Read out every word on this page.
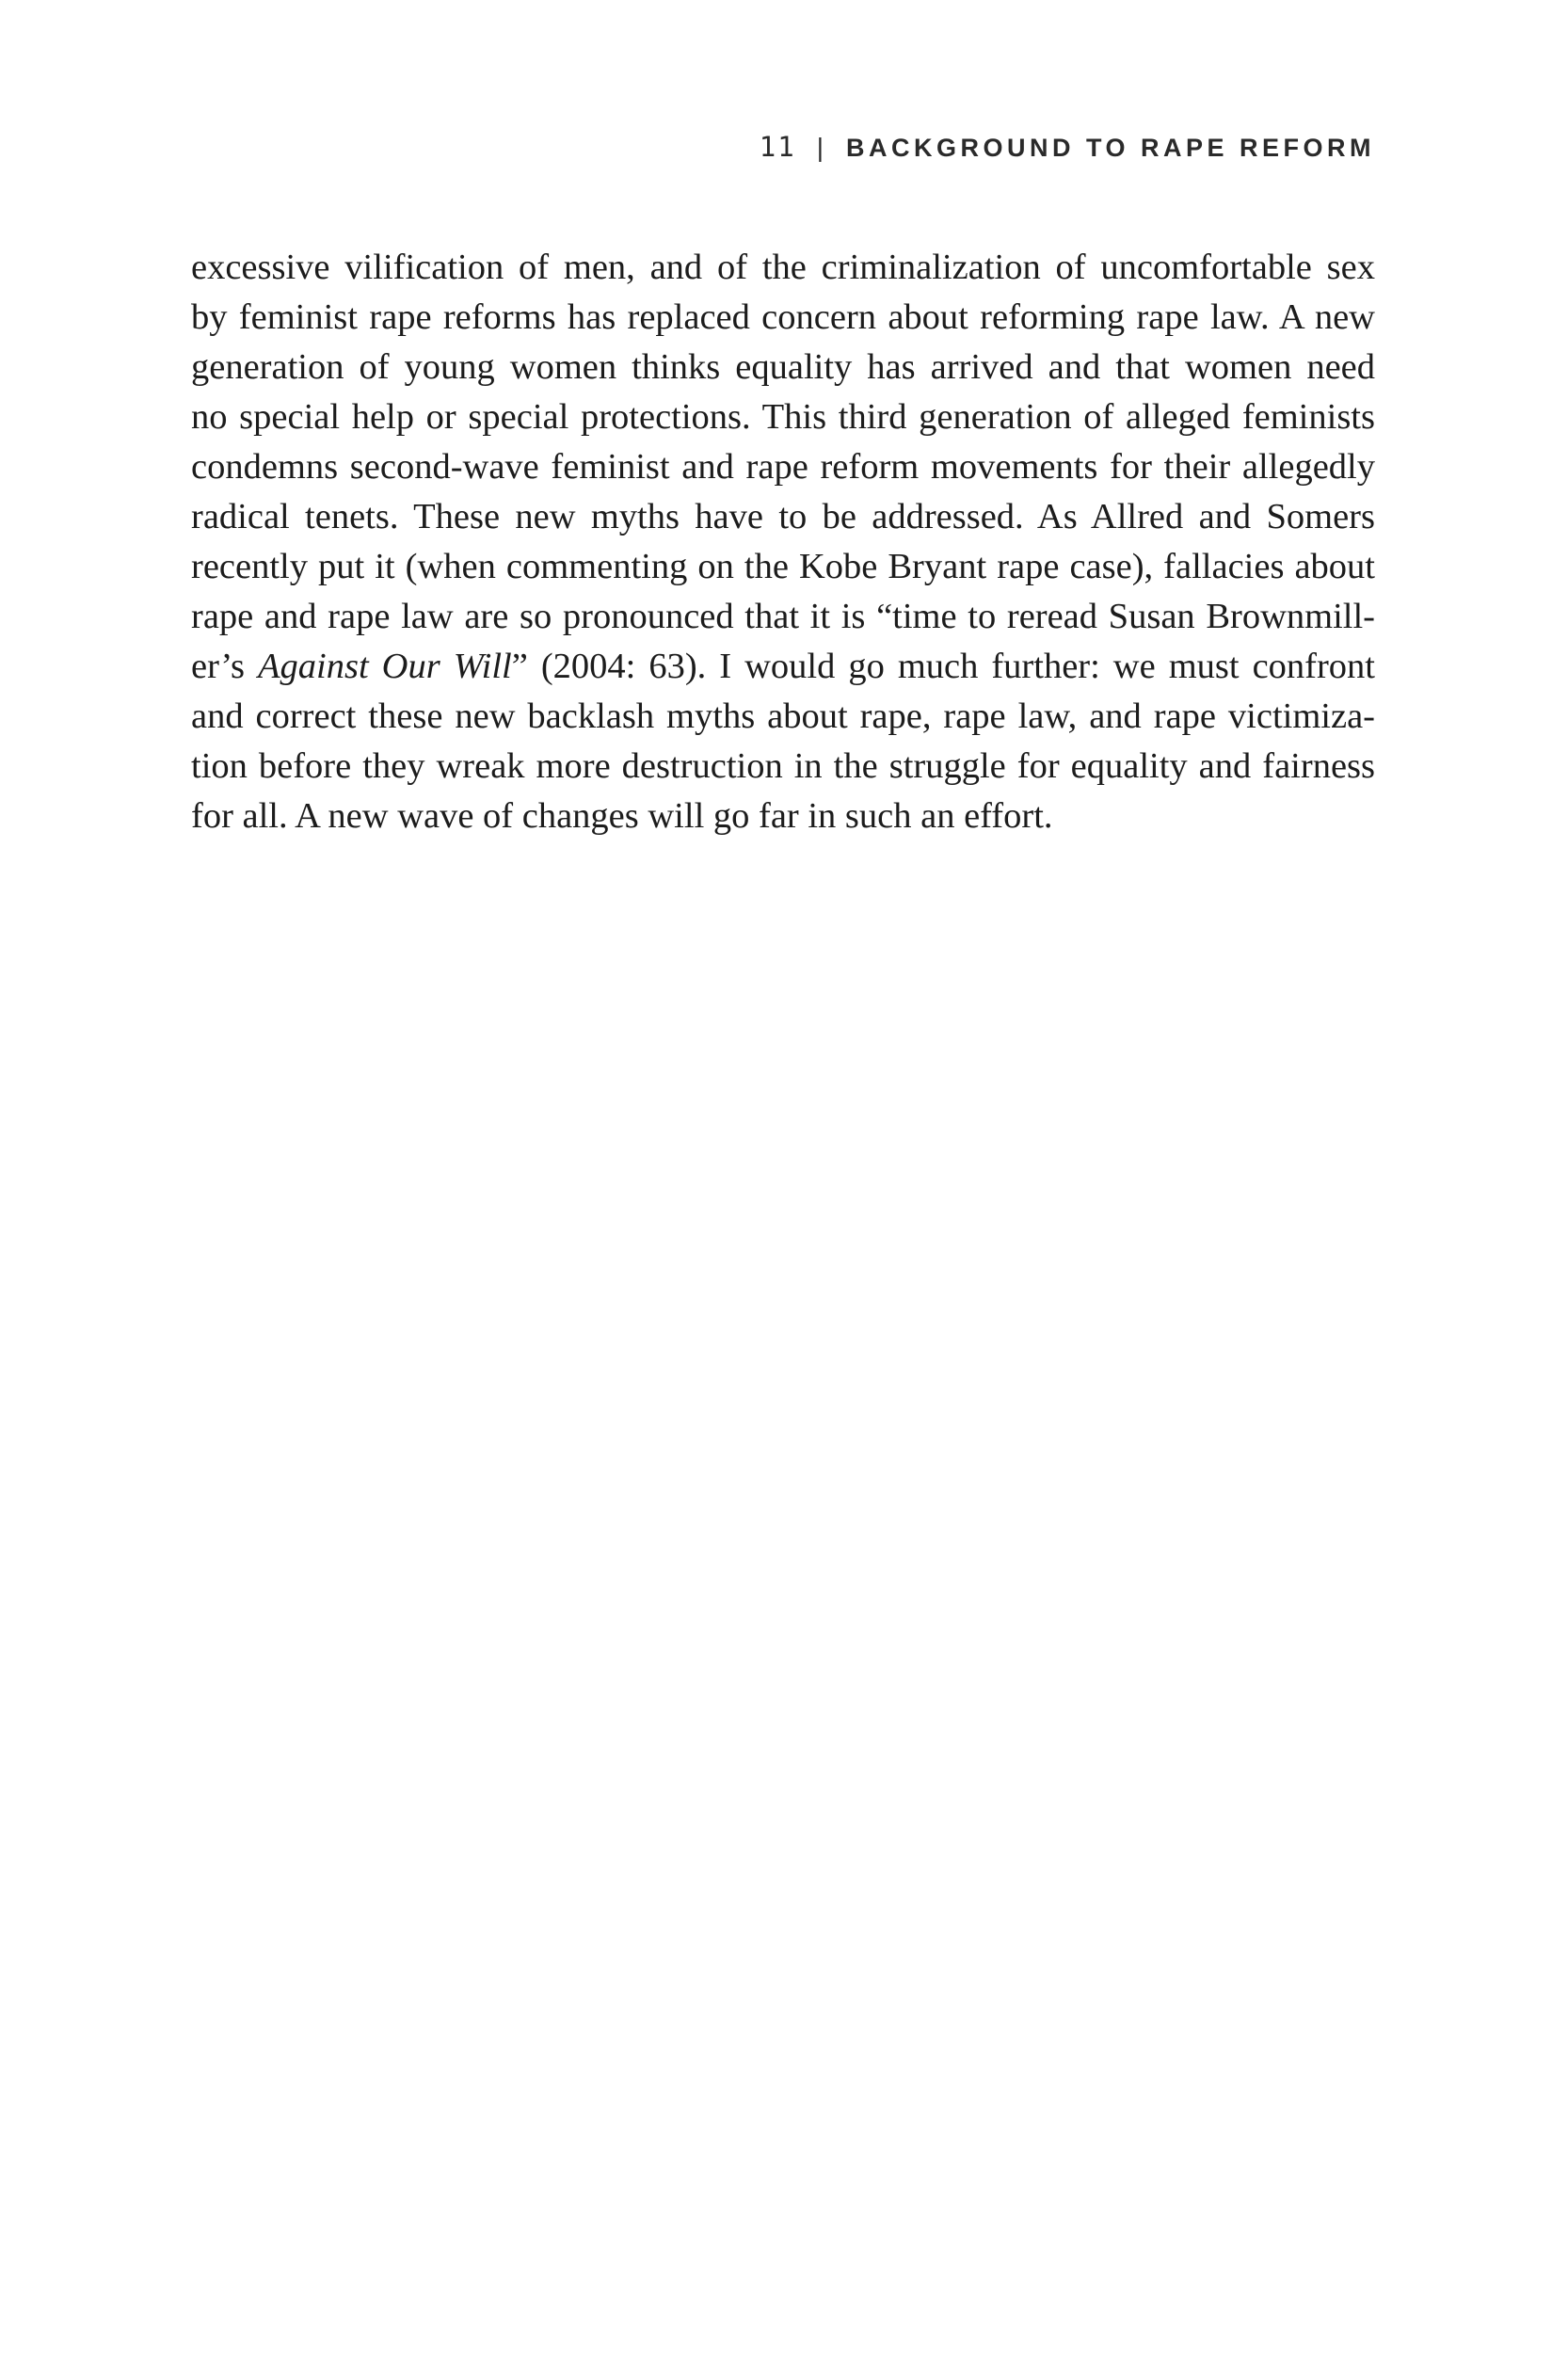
11 | BACKGROUND TO RAPE REFORM
excessive vilification of men, and of the criminalization of uncomfortable sex
by feminist rape reforms has replaced concern about reforming rape law. A new
generation of young women thinks equality has arrived and that women need
no special help or special protections. This third generation of alleged feminists
condemns second-wave feminist and rape reform movements for their allegedly
radical tenets. These new myths have to be addressed. As Allred and Somers
recently put it (when commenting on the Kobe Bryant rape case), fallacies about
rape and rape law are so pronounced that it is “time to reread Susan Brownmill-
er’s Against Our Will” (2004: 63). I would go much further: we must confront
and correct these new backlash myths about rape, rape law, and rape victimiza-
tion before they wreak more destruction in the struggle for equality and fairness
for all. A new wave of changes will go far in such an effort.
